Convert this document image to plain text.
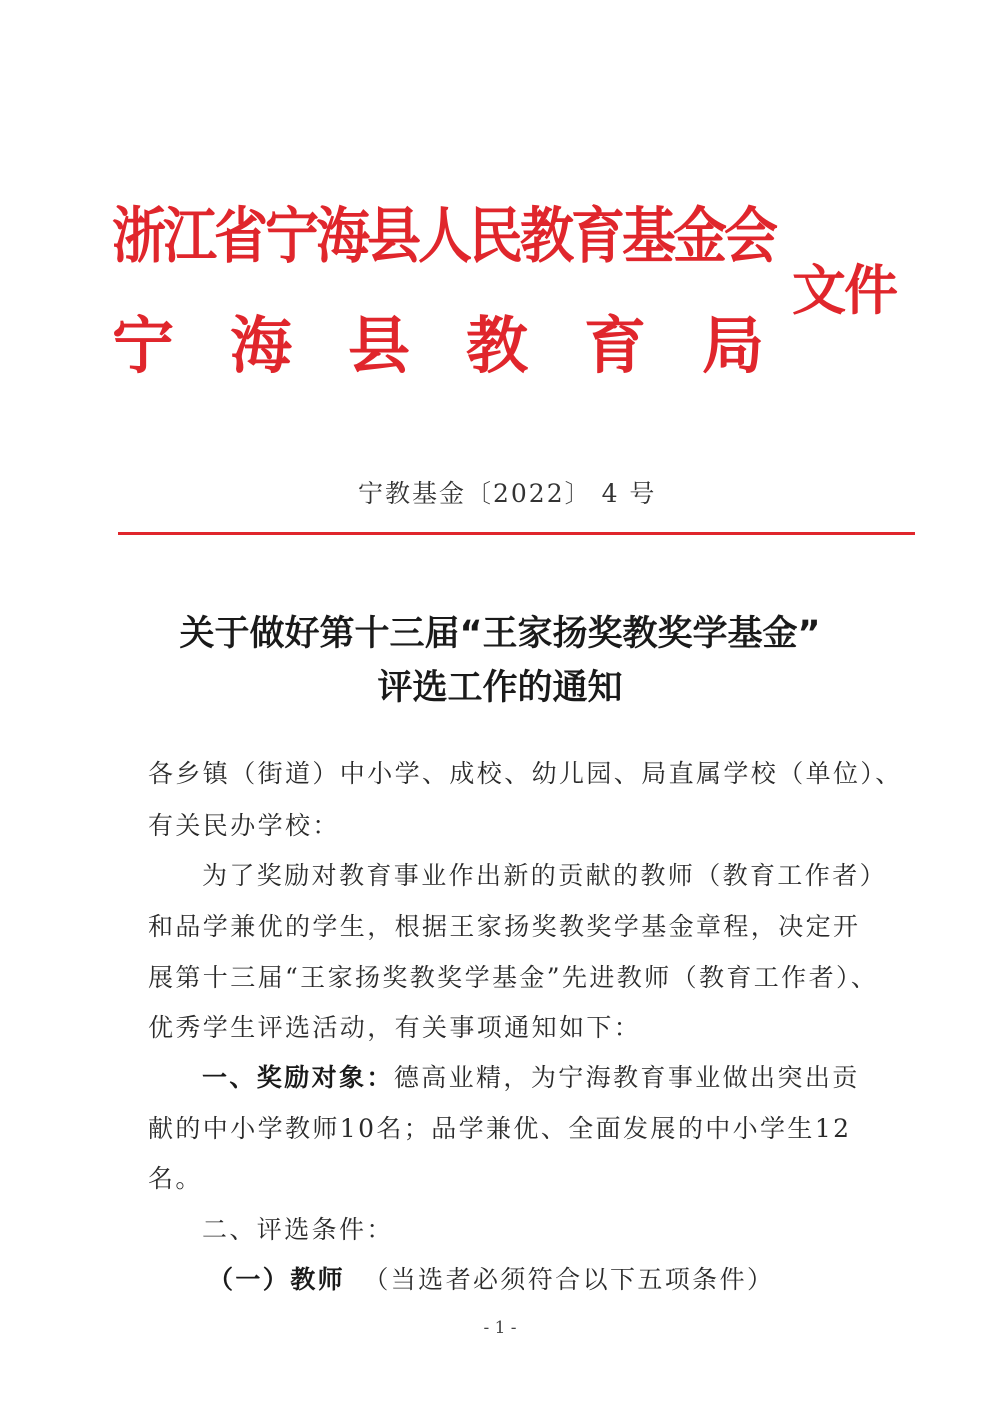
浙江省宁海县人民教育基金会
宁海县教育局
文件
宁教基金〔2022〕 4 号
关于做好第十三届“王家扬奖教奖学基金”
评选工作的通知
各乡镇（街道）中小学、成校、幼儿园、局直属学校（单位）、
有关民办学校：
为了奖励对教育事业作出新的贡献的教师（教育工作者）
和品学兼优的学生，根据王家扬奖教奖学基金章程，决定开
展第十三届“王家扬奖教奖学基金”先进教师（教育工作者）、
优秀学生评选活动，有关事项通知如下：
一、奖励对象：德高业精，为宁海教育事业做出突出贡
献的中小学教师10名；品学兼优、全面发展的中小学生12
名。
二、评选条件：
（一）教师 （当选者必须符合以下五项条件）
- 1 -
